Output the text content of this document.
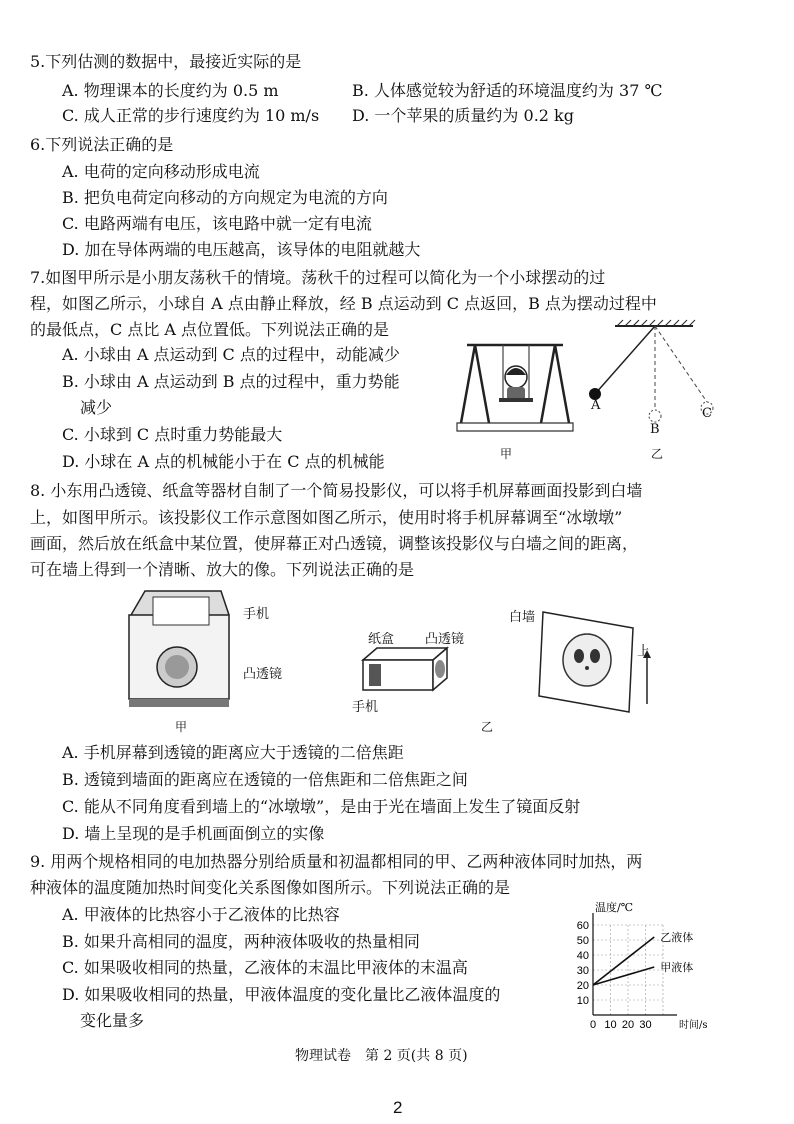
5.下列估测的数据中，最接近实际的是
A. 物理课本的长度约为 0.5 m	B. 人体感觉较为舒适的环境温度约为 37 ℃
C. 成人正常的步行速度约为 10 m/s D. 一个苹果的质量约为 0.2 kg
6.下列说法正确的是
A. 电荷的定向移动形成电流
B. 把负电荷定向移动的方向规定为电流的方向
C. 电路两端有电压，该电路中就一定有电流
D. 加在导体两端的电压越高，该导体的电阻就越大
7.如图甲所示是小朋友荡秋千的情境。荡秋千的过程可以简化为一个小球摆动的过
程，如图乙所示，小球自 A 点由静止释放，经 B 点运动到 C 点返回，B 点为摆动过程中
的最低点，C 点比 A 点位置低。下列说法正确的是
A. 小球由 A 点运动到 C 点的过程中，动能减少
B. 小球由 A 点运动到 B 点的过程中，重力势能
减少
C. 小球到 C 点时重力势能最大
D. 小球在 A 点的机械能小于在 C 点的机械能	甲
A
B
C
乙
8. 小东用凸透镜、纸盒等器材自制了一个简易投影仪，可以将手机屏幕画面投影到白墙
上，如图甲所示。该投影仪工作示意图如图乙所示，使用时将手机屏幕调至“冰墩墩”
画面，然后放在纸盒中某位置，使屏幕正对凸透镜，调整该投影仪与白墙之间的距离，
可在墙上得到一个清晰、放大的像。下列说法正确的是
手机
凸透镜
甲
纸盒 凸透镜
手机
乙
白墙
上
A. 手机屏幕到透镜的距离应大于透镜的二倍焦距
B. 透镜到墙面的距离应在透镜的一倍焦距和二倍焦距之间
C. 能从不同角度看到墙上的“冰墩墩”，是由于光在墙面上发生了镜面反射
D. 墙上呈现的是手机画面倒立的实像
9. 用两个规格相同的电加热器分别给质量和初温都相同的甲、乙两种液体同时加热，两
种液体的温度随加热时间变化关系图像如图所示。下列说法正确的是
A. 甲液体的比热容小于乙液体的比热容
B. 如果升高相同的温度，两种液体吸收的热量相同
C. 如果吸收相同的热量，乙液体的末温比甲液体的末温高
D. 如果吸收相同的热量，甲液体温度的变化量比乙液体温度的
变化量多
10
20
30
40
50
60
0 10 20 30
温度/℃
时间/s
乙液体
甲液体
物理试卷　第 2 页(共 8 页)
2
